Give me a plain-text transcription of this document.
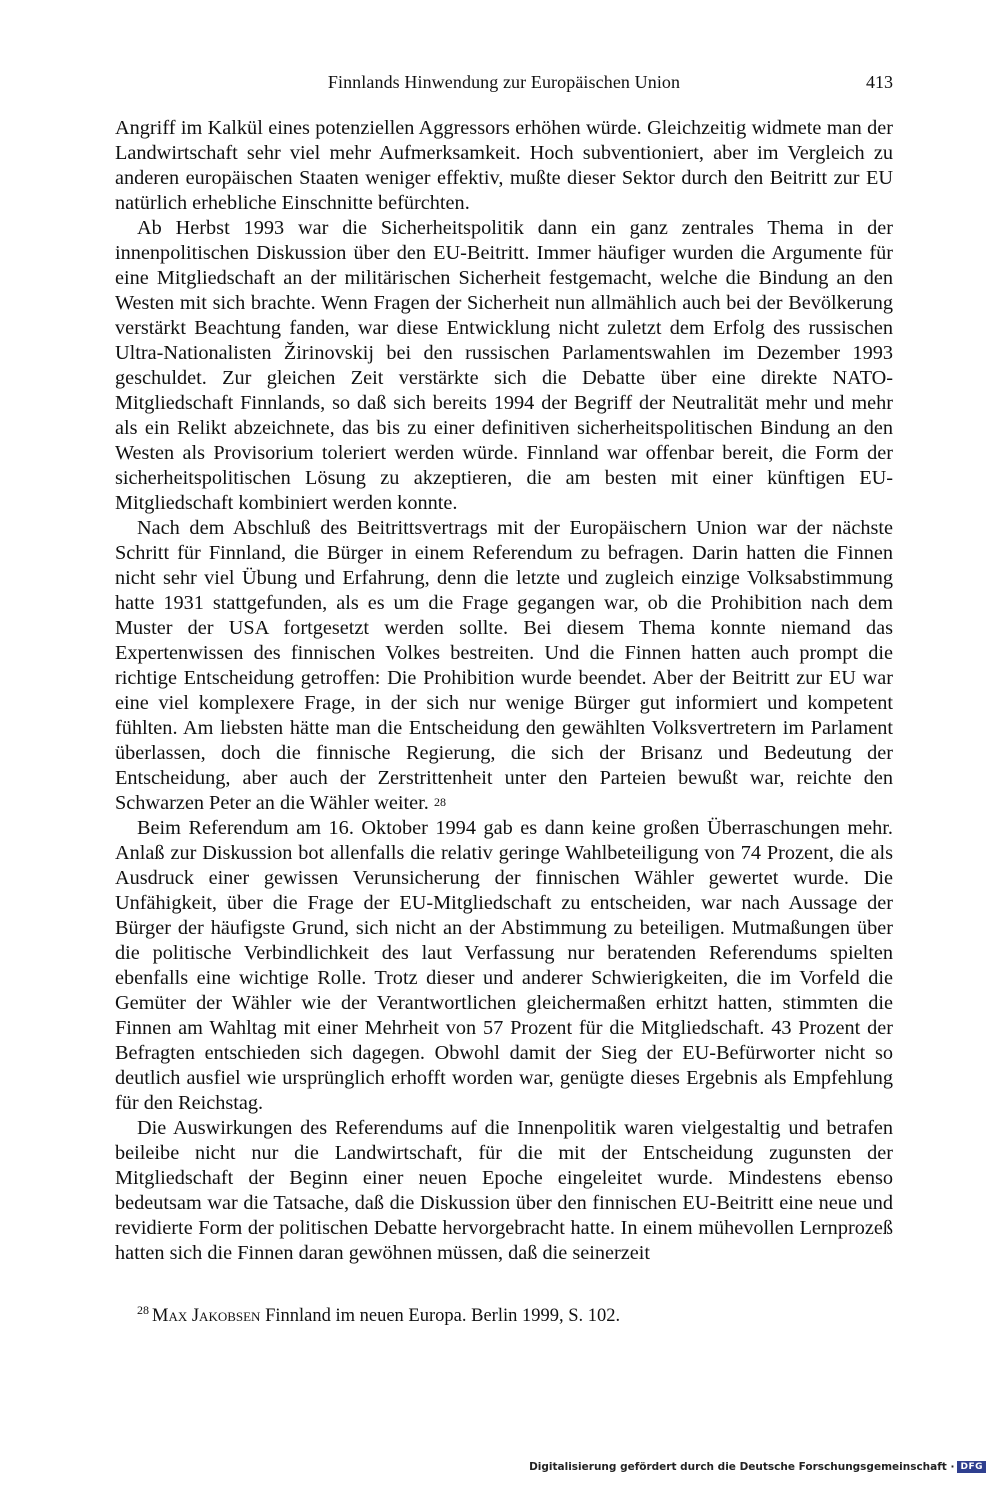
Finnlands Hinwendung zur Europäischen Union	413

Angriff im Kalkül eines potenziellen Aggressors erhöhen würde. Gleichzeitig widmete man der Landwirtschaft sehr viel mehr Aufmerksamkeit. Hoch subventioniert, aber im Vergleich zu anderen europäischen Staaten weniger effektiv, mußte dieser Sektor durch den Beitritt zur EU natürlich erhebliche Einschnitte befürchten.

Ab Herbst 1993 war die Sicherheitspolitik dann ein ganz zentrales Thema in der innenpolitischen Diskussion über den EU-Beitritt. Immer häufiger wurden die Argumente für eine Mitgliedschaft an der militärischen Sicherheit festgemacht, welche die Bindung an den Westen mit sich brachte. Wenn Fragen der Sicherheit nun allmählich auch bei der Bevölkerung verstärkt Beachtung fanden, war diese Entwicklung nicht zuletzt dem Erfolg des russischen Ultra-Nationalisten Žirinovskij bei den russischen Parlamentswahlen im Dezember 1993 geschuldet. Zur gleichen Zeit verstärkte sich die Debatte über eine direkte NATO-Mitgliedschaft Finnlands, so daß sich bereits 1994 der Begriff der Neutralität mehr und mehr als ein Relikt abzeichnete, das bis zu einer definitiven sicherheitspolitischen Bindung an den Westen als Provisorium toleriert werden würde. Finnland war offenbar bereit, die Form der sicherheitspolitischen Lösung zu akzeptieren, die am besten mit einer künftigen EU-Mitgliedschaft kombiniert werden konnte.

Nach dem Abschluß des Beitrittsvertrags mit der Europäischern Union war der nächste Schritt für Finnland, die Bürger in einem Referendum zu befragen. Darin hatten die Finnen nicht sehr viel Übung und Erfahrung, denn die letzte und zugleich einzige Volksabstimmung hatte 1931 stattgefunden, als es um die Frage gegangen war, ob die Prohibition nach dem Muster der USA fortgesetzt werden sollte. Bei diesem Thema konnte niemand das Expertenwissen des finnischen Volkes bestreiten. Und die Finnen hatten auch prompt die richtige Entscheidung getroffen: Die Prohibition wurde beendet. Aber der Beitritt zur EU war eine viel komplexere Frage, in der sich nur wenige Bürger gut informiert und kompetent fühlten. Am liebsten hätte man die Entscheidung den gewählten Volksvertretern im Parlament überlassen, doch die finnische Regierung, die sich der Brisanz und Bedeutung der Entscheidung, aber auch der Zerstrittenheit unter den Parteien bewußt war, reichte den Schwarzen Peter an die Wähler weiter. $^{28}$

Beim Referendum am 16. Oktober 1994 gab es dann keine großen Überraschungen mehr. Anlaß zur Diskussion bot allenfalls die relativ geringe Wahlbeteiligung von 74 Prozent, die als Ausdruck einer gewissen Verunsicherung der finnischen Wähler gewertet wurde. Die Unfähigkeit, über die Frage der EU-Mitgliedschaft zu entscheiden, war nach Aussage der Bürger der häufigste Grund, sich nicht an der Abstimmung zu beteiligen. Mutmaßungen über die politische Verbindlichkeit des laut Verfassung nur beratenden Referendums spielten ebenfalls eine wichtige Rolle. Trotz dieser und anderer Schwierigkeiten, die im Vorfeld die Gemüter der Wähler wie der Verantwortlichen gleichermaßen erhitzt hatten, stimmten die Finnen am Wahltag mit einer Mehrheit von 57 Prozent für die Mitgliedschaft. 43 Prozent der Befragten entschieden sich dagegen. Obwohl damit der Sieg der EU-Befürworter nicht so deutlich ausfiel wie ursprünglich erhofft worden war, genügte dieses Ergebnis als Empfehlung für den Reichstag.

Die Auswirkungen des Referendums auf die Innenpolitik waren vielgestaltig und betrafen beileibe nicht nur die Landwirtschaft, für die mit der Entscheidung zugunsten der Mitgliedschaft der Beginn einer neuen Epoche eingeleitet wurde. Mindestens ebenso bedeutsam war die Tatsache, daß die Diskussion über den finnischen EU-Beitritt eine neue und revidierte Form der politischen Debatte hervorgebracht hatte. In einem mühevollen Lernprozeß hatten sich die Finnen daran gewöhnen müssen, daß die seinerzeit

$^{28}$ Max Jakobsen Finnland im neuen Europa. Berlin 1999, S. 102.
Digitalisierung gefördert durch die Deutsche Forschungsgemeinschaft · DFG
